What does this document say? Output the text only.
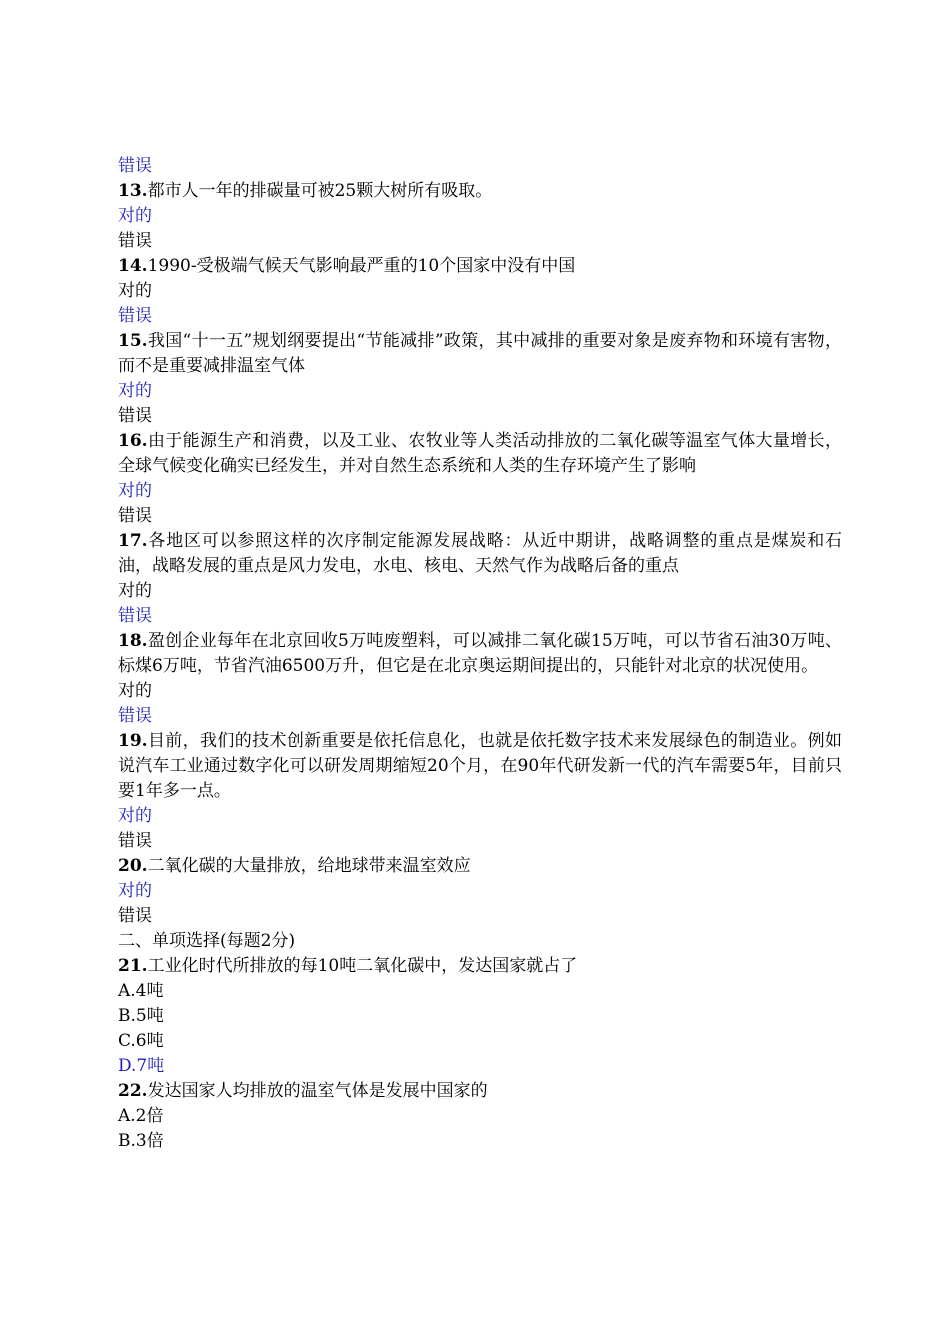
错误

13.都市人一年的排碳量可被25颗大树所有吸取。

对的

错误

14.1990-受极端气候天气影响最严重的10个国家中没有中国

对的

错误

15.我国“十一五”规划纲要提出“节能减排”政策，其中减排的重要对象是废弃物和环境有害物，而不是重要减排温室气体

对的

错误

16.由于能源生产和消费，以及工业、农牧业等人类活动排放的二氧化碳等温室气体大量增长，全球气候变化确实已经发生，并对自然生态系统和人类的生存环境产生了影响

对的

错误

17.各地区可以参照这样的次序制定能源发展战略：从近中期讲，战略调整的重点是煤炭和石油，战略发展的重点是风力发电，水电、核电、天然气作为战略后备的重点

对的

错误

18.盈创企业每年在北京回收5万吨废塑料，可以减排二氧化碳15万吨，可以节省石油30万吨、标煤6万吨，节省汽油6500万升，但它是在北京奥运期间提出的，只能针对北京的状况使用。

对的

错误

19.目前，我们的技术创新重要是依托信息化，也就是依托数字技术来发展绿色的制造业。例如说汽车工业通过数字化可以研发周期缩短20个月，在90年代研发新一代的汽车需要5年，目前只要1年多一点。

对的

错误

20.二氧化碳的大量排放，给地球带来温室效应

对的

错误

二、单项选择(每题2分)

21.工业化时代所排放的每10吨二氧化碳中，发达国家就占了

A.4吨

B.5吨

C.6吨

D.7吨

22.发达国家人均排放的温室气体是发展中国家的

A.2倍

B.3倍
